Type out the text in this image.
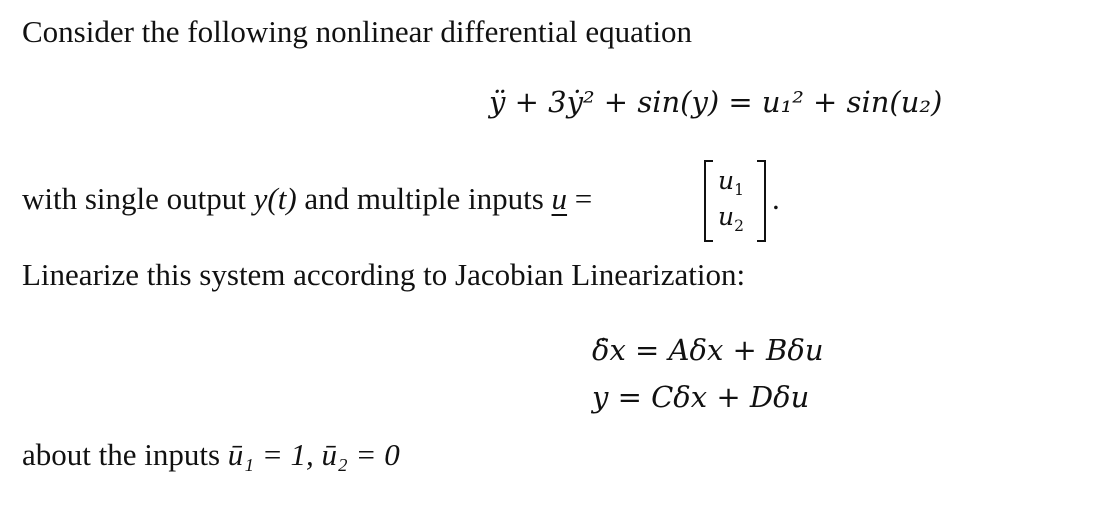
Consider the following nonlinear differential equation
ÿ + 3ẏ² + sin(y) = u₁² + sin(u₂)
with single output y(t) and multiple inputs u =
$u_1$
$u_2$
.
Linearize this system according to Jacobian Linearization:
δ̇x = Aδx + Bδu
y = Cδx + Dδu
about the inputs ū₁ = 1, ū₂ = 0
